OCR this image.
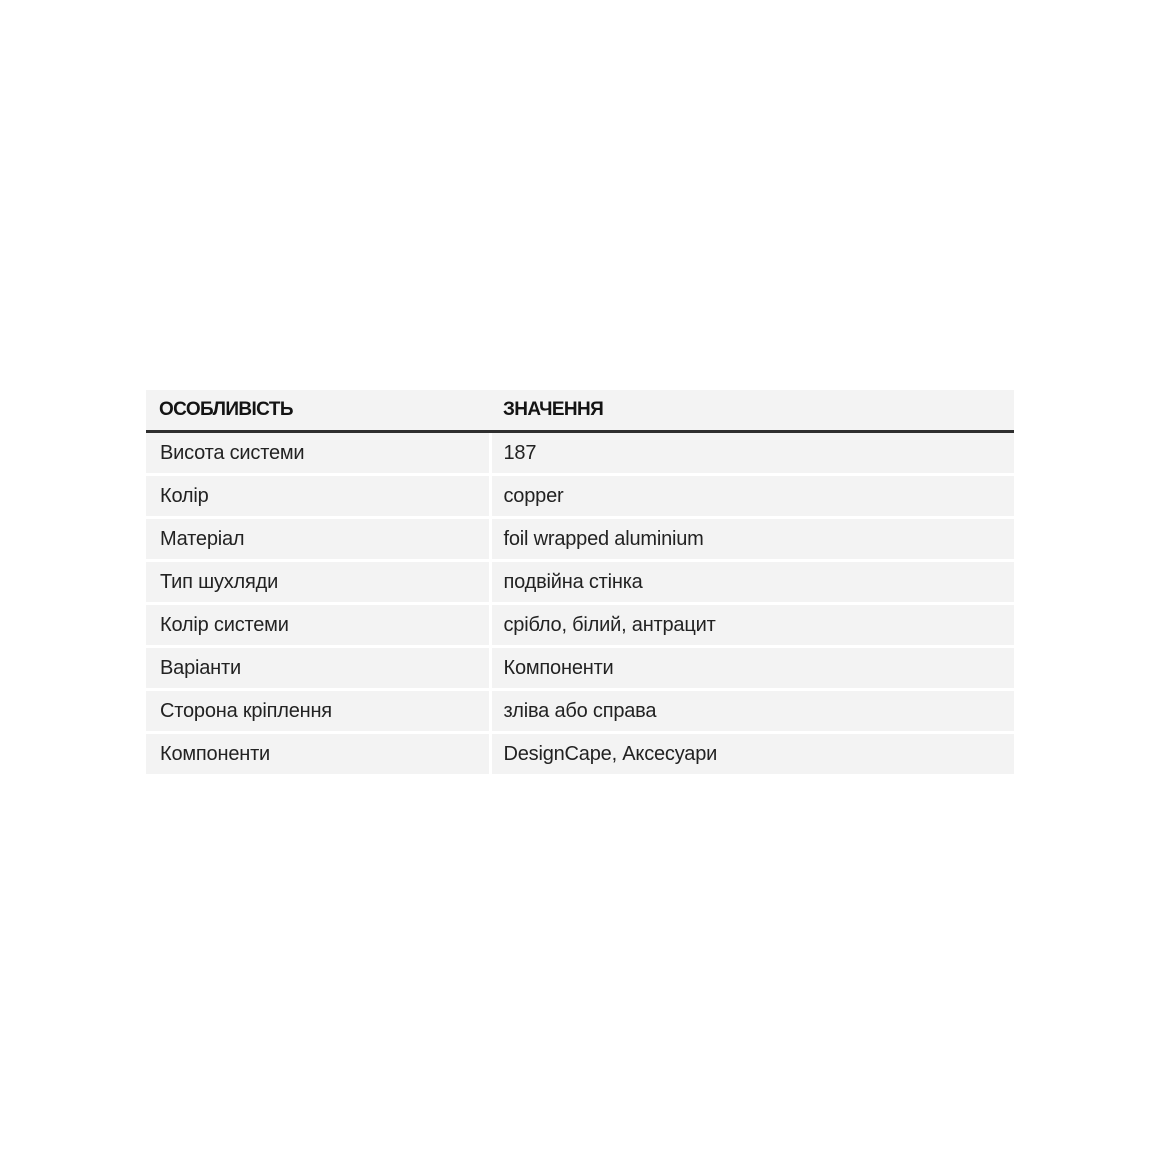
ОСОБЛИВІСТЬ	ЗНАЧЕННЯ
Висота системи	187
Колір	copper
Матеріал	foil wrapped aluminium
Тип шухляди	подвійна стінка
Колір системи	срібло, білий, антрацит
Варіанти	Компоненти
Сторона кріплення	зліва або справа
Компоненти	DesignCape, Аксесуари
